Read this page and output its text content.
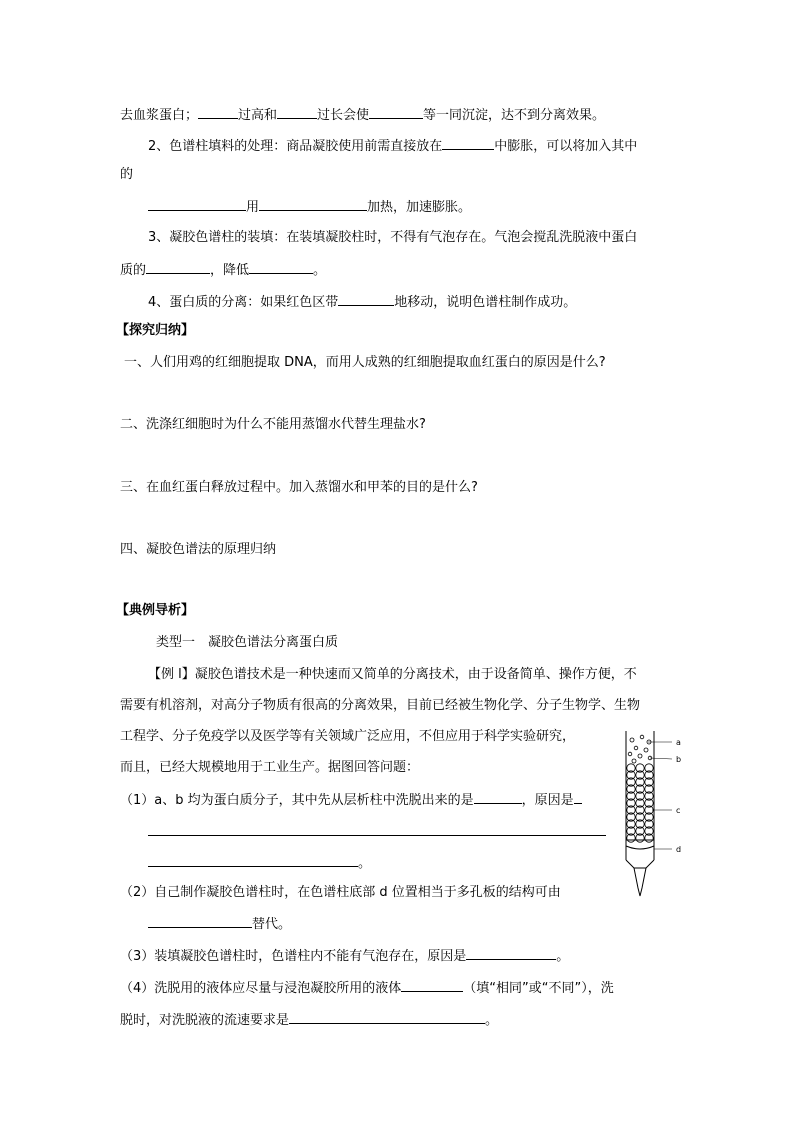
去血浆蛋白；	过高和	过长会使	等一同沉淀，达不到分离效果。
2、色谱柱填料的处理：商品凝胶使用前需直接放在	中膨胀，可以将加入其中
的
用	加热，加速膨胀。
3、凝胶色谱柱的装填：在装填凝胶柱时，不得有气泡存在。气泡会搅乱洗脱液中蛋白
质的	，降低	。
4、蛋白质的分离：如果红色区带	地移动，说明色谱柱制作成功。
【探究归纳】
一、人们用鸡的红细胞提取 DNA，而用人成熟的红细胞提取血红蛋白的原因是什么?
二、洗涤红细胞时为什么不能用蒸馏水代替生理盐水?
三、在血红蛋白释放过程中。加入蒸馏水和甲苯的目的是什么?
四、凝胶色谱法的原理归纳
【典例导析】
类型一　凝胶色谱法分离蛋白质
【例 l】凝胶色谱技术是一种快速而又简单的分离技术，由于设备简单、操作方便，不
需要有机溶剂，对高分子物质有很高的分离效果，目前已经被生物化学、分子生物学、生物
工程学、分子免疫学以及医学等有关领域广泛应用，不但应用于科学实验研究，
而且，已经大规模地用于工业生产。据图回答问题：
（1）a、b 均为蛋白质分子，其中先从层析柱中洗脱出来的是	，原因是
。
（2）自己制作凝胶色谱柱时，在色谱柱底部 d 位置相当于多孔板的结构可由
替代。
（3）装填凝胶色谱柱时，色谱柱内不能有气泡存在，原因是	。
（4）洗脱用的液体应尽量与浸泡凝胶所用的液体	（填“相同”或“不同”），洗
脱时，对洗脱液的流速要求是	。
a
b
c
d
